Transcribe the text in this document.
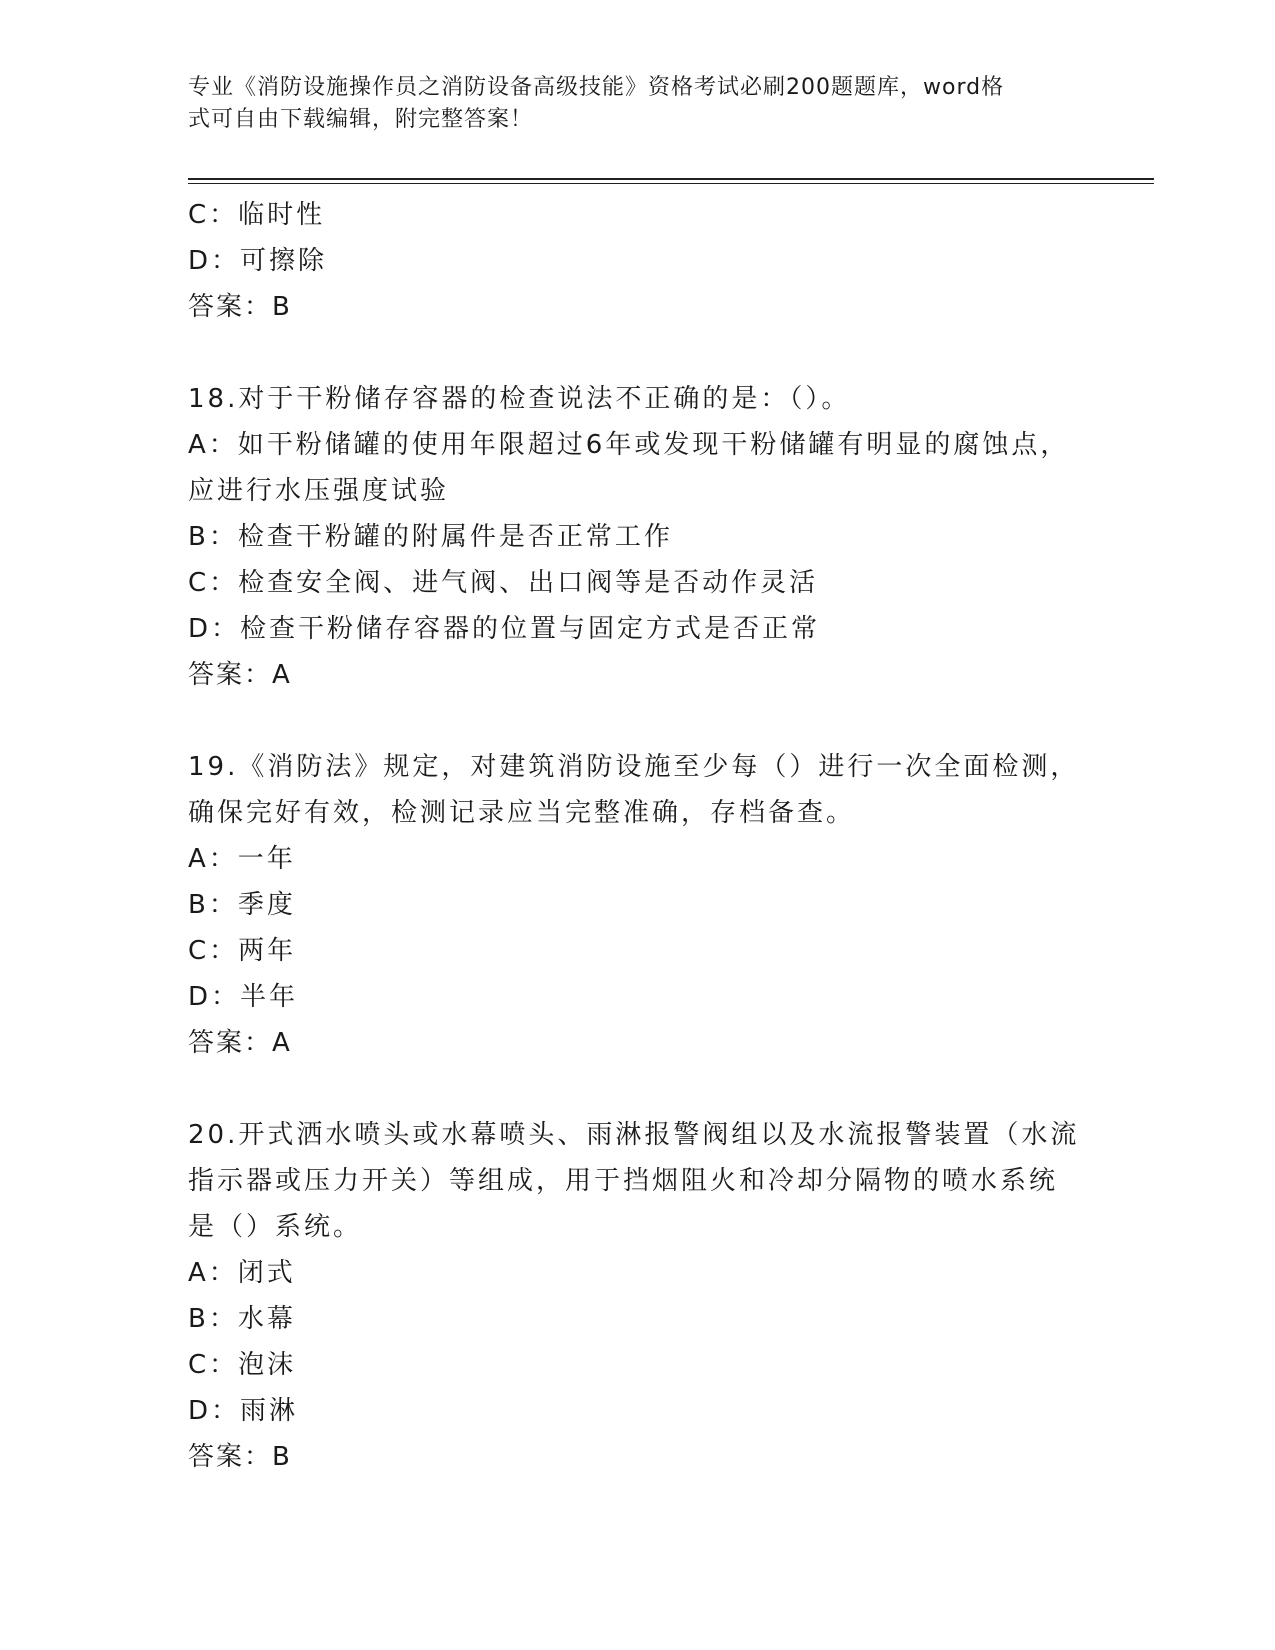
专业《消防设施操作员之消防设备高级技能》资格考试必刷200题题库，word格
式可自由下载编辑，附完整答案！
C：临时性
D：可擦除
答案：B
18.对于干粉储存容器的检查说法不正确的是：（）。
A：如干粉储罐的使用年限超过6年或发现干粉储罐有明显的腐蚀点，
应进行水压强度试验
B：检查干粉罐的附属件是否正常工作
C：检查安全阀、进气阀、出口阀等是否动作灵活
D：检查干粉储存容器的位置与固定方式是否正常
答案：A
19.《消防法》规定，对建筑消防设施至少每（）进行一次全面检测，
确保完好有效，检测记录应当完整准确，存档备查。
A：一年
B：季度
C：两年
D：半年
答案：A
20.开式洒水喷头或水幕喷头、雨淋报警阀组以及水流报警装置（水流
指示器或压力开关）等组成，用于挡烟阻火和冷却分隔物的喷水系统
是（）系统。
A：闭式
B：水幕
C：泡沫
D：雨淋
答案：B
